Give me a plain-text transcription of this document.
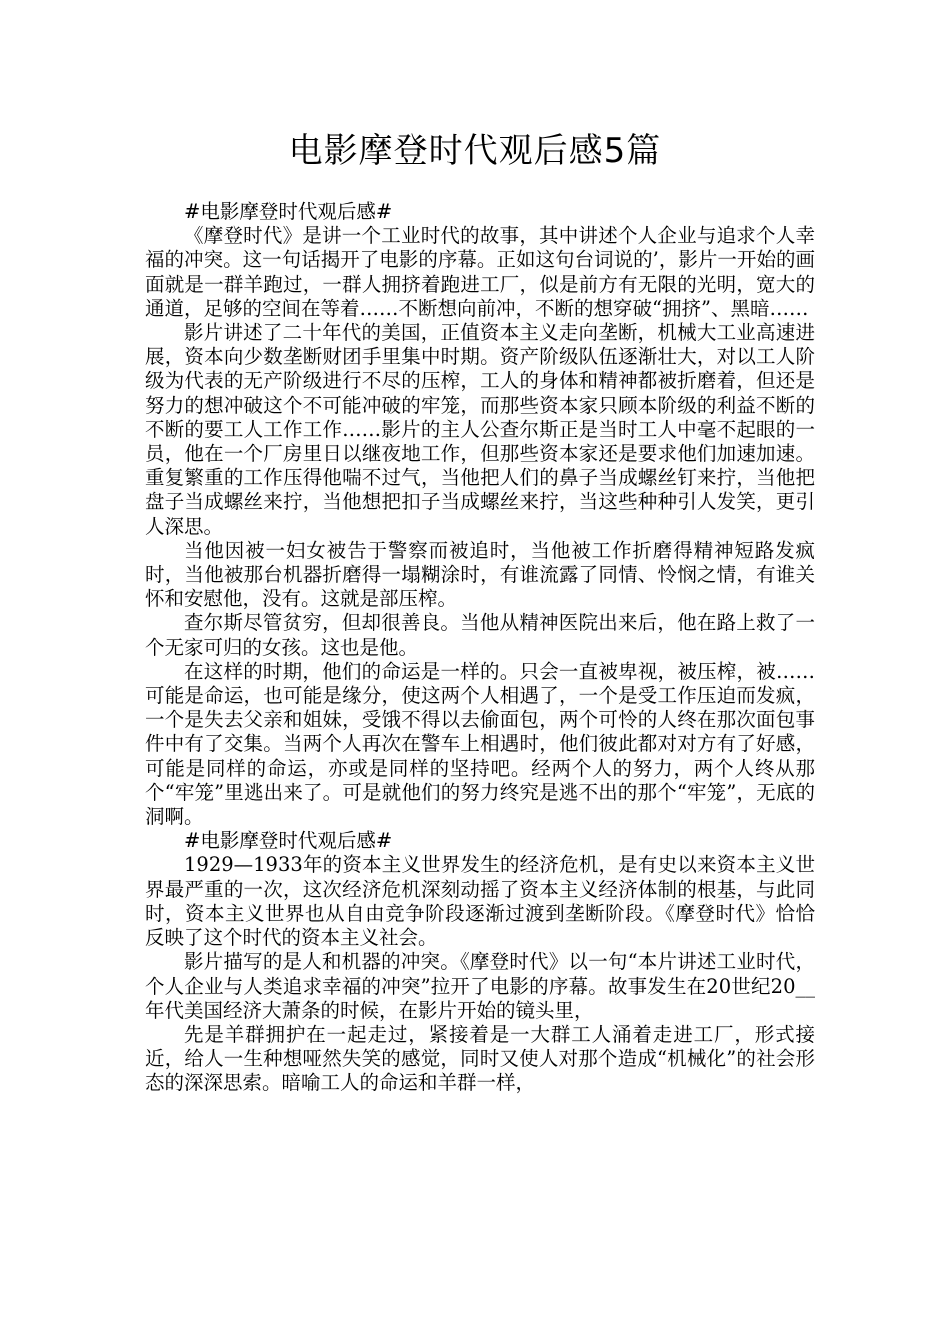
电影摩登时代观后感5篇

#电影摩登时代观后感#

《摩登时代》是讲一个工业时代的故事，其中讲述个人企业与追求个人幸福的冲突。这一句话揭开了电影的序幕。正如这句台词说的’，影片一开始的画面就是一群羊跑过，一群人拥挤着跑进工厂，似是前方有无限的光明，宽大的通道，足够的空间在等着……不断想向前冲，不断的想穿破“拥挤”、黑暗……

影片讲述了二十年代的美国，正值资本主义走向垄断，机械大工业高速进展，资本向少数垄断财团手里集中时期。资产阶级队伍逐渐壮大，对以工人阶级为代表的无产阶级进行不尽的压榨，工人的身体和精神都被折磨着，但还是努力的想冲破这个不可能冲破的牢笼，而那些资本家只顾本阶级的利益不断的不断的要工人工作工作……影片的主人公查尔斯正是当时工人中毫不起眼的一员，他在一个厂房里日以继夜地工作，但那些资本家还是要求他们加速加速。重复繁重的工作压得他喘不过气，当他把人们的鼻子当成螺丝钉来拧，当他把盘子当成螺丝来拧，当他想把扣子当成螺丝来拧，当这些种种引人发笑，更引人深思。

当他因被一妇女被告于警察而被追时，当他被工作折磨得精神短路发疯时，当他被那台机器折磨得一塌糊涂时，有谁流露了同情、怜悯之情，有谁关怀和安慰他，没有。这就是部压榨。

查尔斯尽管贫穷，但却很善良。当他从精神医院出来后，他在路上救了一个无家可归的女孩。这也是他。

在这样的时期，他们的命运是一样的。只会一直被卑视，被压榨，被……可能是命运，也可能是缘分，使这两个人相遇了，一个是受工作压迫而发疯，一个是失去父亲和姐妹，受饿不得以去偷面包，两个可怜的人终在那次面包事件中有了交集。当两个人再次在警车上相遇时，他们彼此都对对方有了好感，可能是同样的命运，亦或是同样的坚持吧。经两个人的努力，两个人终从那个“牢笼”里逃出来了。可是就他们的努力终究是逃不出的那个“牢笼”，无底的洞啊。

#电影摩登时代观后感#

1929—1933年的资本主义世界发生的经济危机，是有史以来资本主义世界最严重的一次，这次经济危机深刻动摇了资本主义经济体制的根基，与此同时，资本主义世界也从自由竞争阶段逐渐过渡到垄断阶段。《摩登时代》恰恰反映了这个时代的资本主义社会。

影片描写的是人和机器的冲突。《摩登时代》以一句“本片讲述工业时代，个人企业与人类追求幸福的冲突”拉开了电影的序幕。故事发生在20世纪20__年代美国经济大萧条的时候，在影片开始的镜头里，

先是羊群拥护在一起走过，紧接着是一大群工人涌着走进工厂，形式接近，给人一生种想哑然失笑的感觉，同时又使人对那个造成“机械化”的社会形态的深深思索。暗喻工人的命运和羊群一样，
